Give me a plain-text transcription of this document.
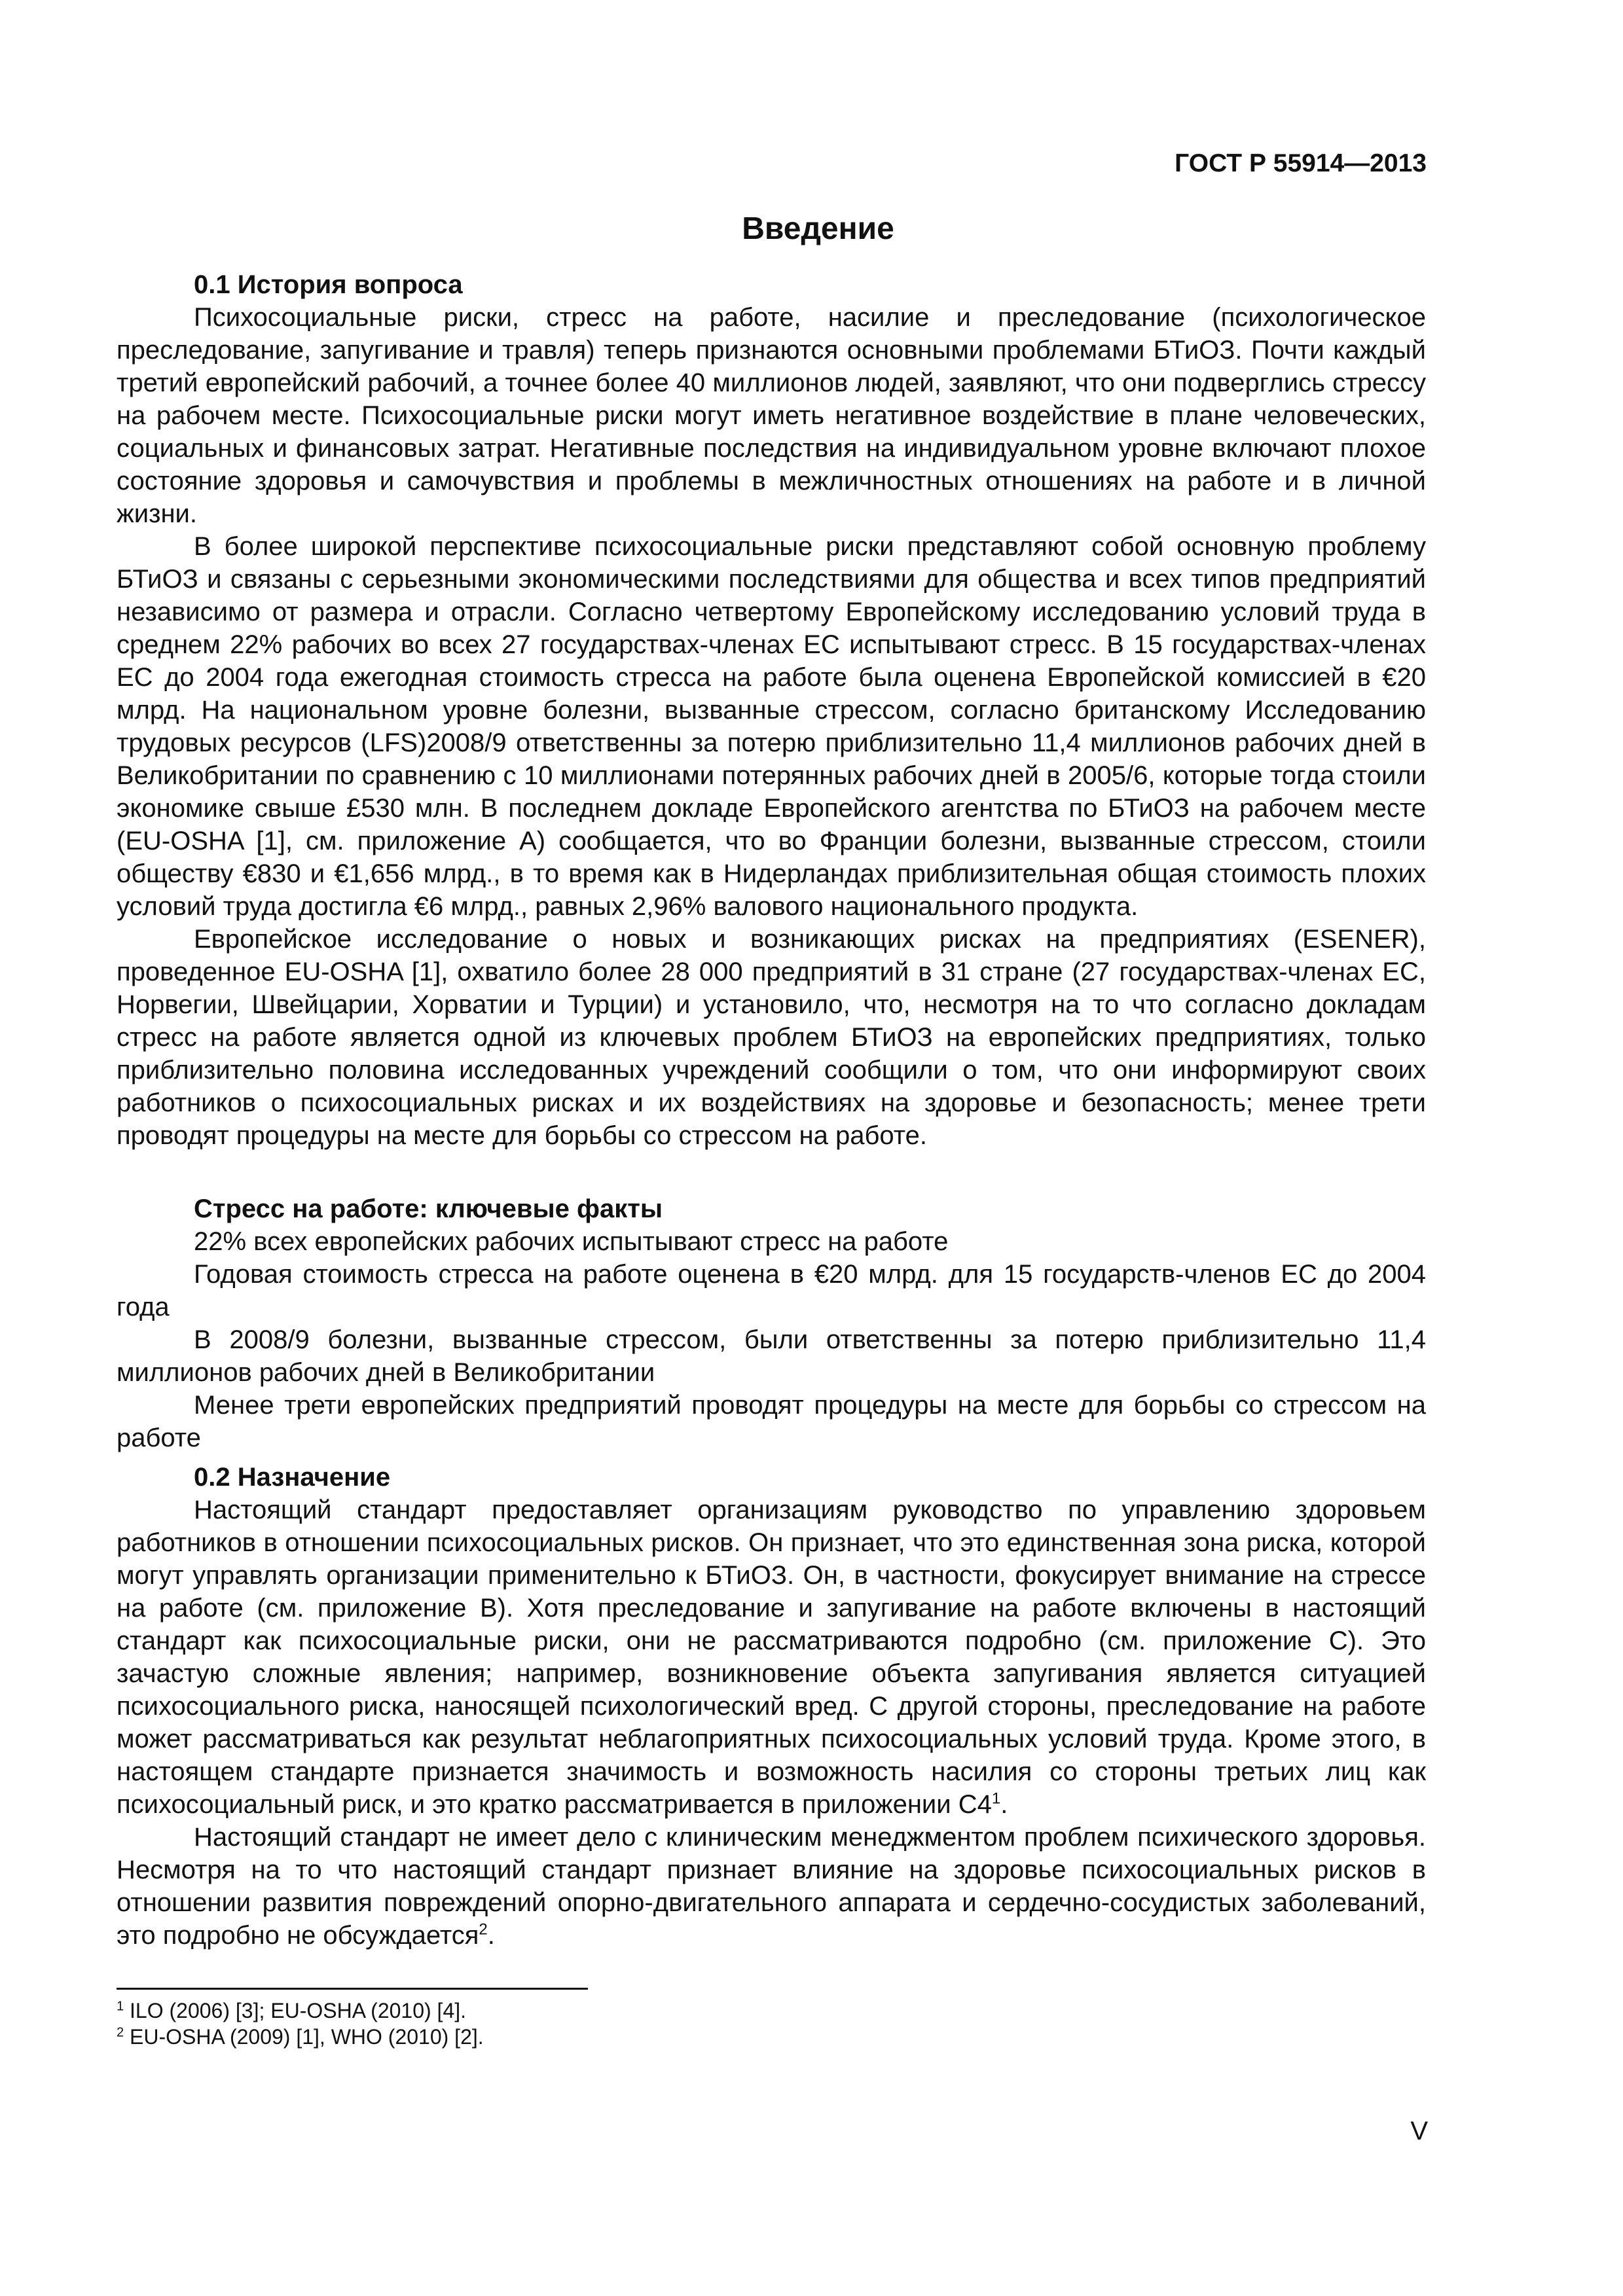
ГОСТ Р 55914—2013
Введение
0.1 История вопроса

Психосоциальные риски, стресс на работе, насилие и преследование (психологическое преследование, запугивание и травля) теперь признаются основными проблемами БТиОЗ. Почти каждый третий европейский рабочий, а точнее более 40 миллионов людей, заявляют, что они подверглись стрессу на рабочем месте. Психосоциальные риски могут иметь негативное воздействие в плане человеческих, социальных и финансовых затрат. Негативные последствия на индивидуальном уровне включают плохое состояние здоровья и самочувствия и проблемы в межличностных отношениях на работе и в личной жизни.

В более широкой перспективе психосоциальные риски представляют собой основную проблему БТиОЗ и связаны с серьезными экономическими последствиями для общества и всех типов предприятий независимо от размера и отрасли. Согласно четвертому Европейскому исследованию условий труда в среднем 22% рабочих во всех 27 государствах-членах ЕС испытывают стресс. В 15 государствах-членах ЕС до 2004 года ежегодная стоимость стресса на работе была оценена Европейской комиссией в €20 млрд. На национальном уровне болезни, вызванные стрессом, согласно британскому Исследованию трудовых ресурсов (LFS)2008/9 ответственны за потерю приблизительно 11,4 миллионов рабочих дней в Великобритании по сравнению с 10 миллионами потерянных рабочих дней в 2005/6, которые тогда стоили экономике свыше £530 млн. В последнем докладе Европейского агентства по БТиОЗ на рабочем месте (EU-OSHA [1], см. приложение А) сообщается, что во Франции болезни, вызванные стрессом, стоили обществу €830 и €1,656 млрд., в то время как в Нидерландах приблизительная общая стоимость плохих условий труда достигла €6 млрд., равных 2,96% валового национального продукта.

Европейское исследование о новых и возникающих рисках на предприятиях (ESENER), проведенное EU-OSHA [1], охватило более 28 000 предприятий в 31 стране (27 государствах-членах ЕС, Норвегии, Швейцарии, Хорватии и Турции) и установило, что, несмотря на то что согласно докладам стресс на работе является одной из ключевых проблем БТиОЗ на европейских предприятиях, только приблизительно половина исследованных учреждений сообщили о том, что они информируют своих работников о психосоциальных рисках и их воздействиях на здоровье и безопасность; менее трети проводят процедуры на месте для борьбы со стрессом на работе.

Стресс на работе: ключевые факты

22% всех европейских рабочих испытывают стресс на работе

Годовая стоимость стресса на работе оценена в €20 млрд. для 15 государств-членов ЕС до 2004 года

В 2008/9 болезни, вызванные стрессом, были ответственны за потерю приблизительно 11,4 миллионов рабочих дней в Великобритании

Менее трети европейских предприятий проводят процедуры на месте для борьбы со стрессом на работе

0.2 Назначение

Настоящий стандарт предоставляет организациям руководство по управлению здоровьем работников в отношении психосоциальных рисков. Он признает, что это единственная зона риска, которой могут управлять организации применительно к БТиОЗ. Он, в частности, фокусирует внимание на стрессе на работе (см. приложение В). Хотя преследование и запугивание на работе включены в настоящий стандарт как психосоциальные риски, они не рассматриваются подробно (см. приложение С). Это зачастую сложные явления; например, возникновение объекта запугивания является ситуацией психосоциального риска, наносящей психологический вред. С другой стороны, преследование на работе может рассматриваться как результат неблагоприятных психосоциальных условий труда. Кроме этого, в настоящем стандарте признается значимость и возможность насилия со стороны третьих лиц как психосоциальный риск, и это кратко рассматривается в приложении $С4^1$.

Настоящий стандарт не имеет дело с клиническим менеджментом проблем психического здоровья. Несмотря на то что настоящий стандарт признает влияние на здоровье психосоциальных рисков в отношении развития повреждений опорно-двигательного аппарата и сердечно-сосудистых заболеваний, это подробно не обсуждается$^2$.

$^1$ ILO (2006) [3]; EU-OSHA (2010) [4].
$^2$ EU-OSHA (2009) [1], WHO (2010) [2].
V
